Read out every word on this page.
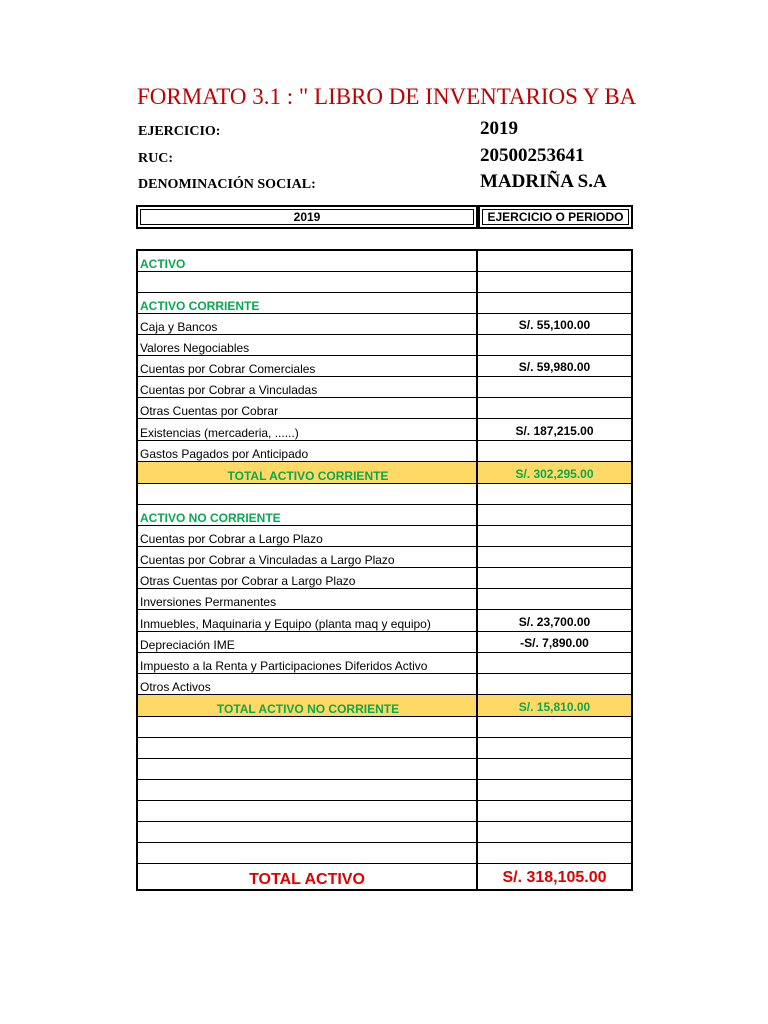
FORMATO 3.1 : " LIBRO DE INVENTARIOS Y BA
EJERCICIO:	2019
RUC:	20500253641
DENOMINACIÓN SOCIAL:	MADRIÑA S.A
2019	EJERCICIO O PERIODO
ACTIVO
ACTIVO CORRIENTE
Caja y Bancos	S/. 55,100.00
Valores Negociables
Cuentas por Cobrar Comerciales	S/. 59,980.00
Cuentas por Cobrar a Vinculadas
Otras Cuentas por Cobrar
Existencias (mercaderia, ......)	S/. 187,215.00
Gastos Pagados por Anticipado
TOTAL ACTIVO CORRIENTE	S/. 302,295.00
ACTIVO NO CORRIENTE
Cuentas por Cobrar a Largo Plazo
Cuentas por Cobrar a Vinculadas a Largo Plazo
Otras Cuentas por Cobrar a Largo Plazo
Inversiones Permanentes
Inmuebles, Maquinaria y Equipo (planta maq y equipo)	S/. 23,700.00
Depreciación IME	-S/. 7,890.00
Impuesto a la Renta y Participaciones Diferidos Activo
Otros Activos
TOTAL ACTIVO NO CORRIENTE	S/. 15,810.00
TOTAL ACTIVO	S/. 318,105.00
